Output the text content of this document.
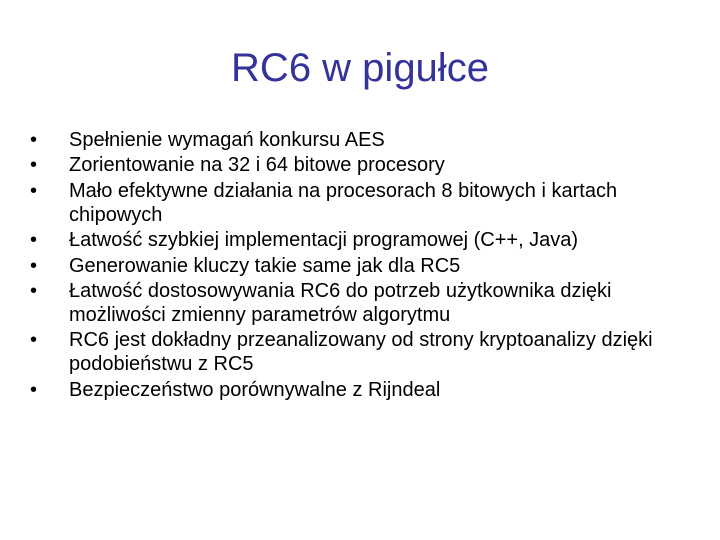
RC6 w pigułce
• Spełnienie wymagań konkursu AES
• Zorientowanie na 32 i 64 bitowe procesory
• Mało efektywne działania na procesorach 8 bitowych i kartach chipowych
• Łatwość szybkiej implementacji programowej (C++, Java)
• Generowanie kluczy takie same jak dla RC5
• Łatwość dostosowywania RC6 do potrzeb użytkownika dzięki możliwości zmienny parametrów algorytmu
• RC6 jest dokładny przeanalizowany od strony kryptoanalizy dzięki podobieństwu z RC5
• Bezpieczeństwo porównywalne z Rijndeal
